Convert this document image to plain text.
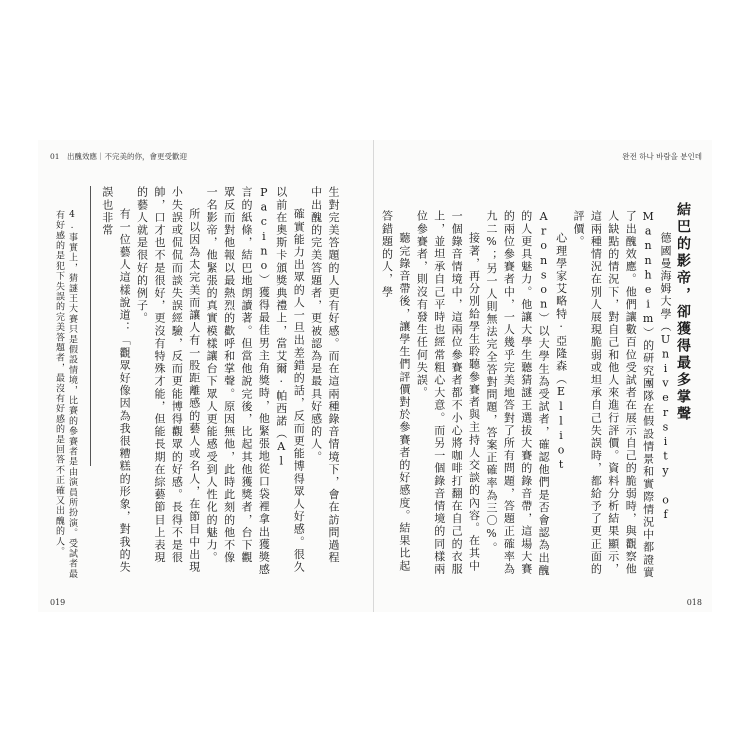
01　出醜效應｜不完美的你，會更受歡迎	완전 하나 바람을 분인데
結巴的影帝，卻獲得最多掌聲

德國曼海姆大學（University of Mannheim）的研究團隊在假設情景和實際情況中都證實了出醜效應。他們讓數百位受試者在展示自己的脆弱時，與觀察他人缺點的情況下，對自己和他人來進行評價。資料分析結果顯示，這兩種情況在別人展現脆弱或坦承自己失誤時，都給予了更正面的評價。

心理學家艾略特·亞隆森（Elliot Aronson）以大學生為受試者，確認他們是否會認為出醜的人更具魅力。他讓大學生聽猜謎王選拔大賽的錄音帶，這場大賽的兩位參賽者中，一人幾乎完美地答對了所有問題，答題正確率為九二%；另一人則無法完全答對問題，答案正確率為三〇%。

接著，再分別給學生聆聽參賽者與主持人交談的內容。在其中一個錄音情境中，這兩位參賽者都不小心將咖啡打翻在自己的衣服上，並坦承自己平時也經常粗心大意。而另一個錄音情境的同樣兩位參賽者，則沒有發生任何失誤。

聽完錄音帶後，讓學生們評價對於參賽者的好感度。結果比起答錯題的人，學

生對完美答題的人更有好感。而在這兩種錄音情境下，會在訪問過程中出醜的完美答題者，更被認為是最具好感的人。

確實能力出眾的人一旦出差錯的話，反而更能博得眾人好感。很久以前在奧斯卡頒獎典禮上，當艾爾·帕西諾（Al Pacino）獲得最佳男主角獎時，他緊張地從口袋裡拿出獲獎感言的紙條，結巴地朗讀著。但當他說完後，比起其他獲獎者，台下觀眾反而對他報以最熱烈的歡呼和掌聲。原因無他，此時此刻的他不像一名影帝，他緊張的真實模樣讓台下眾人更能感受到人性化的魅力。

所以因為太完美而讓人有一股距離感的藝人或名人，在節目中出現小失誤或侃侃而談失誤經驗，反而更能博得觀眾的好感。長得不是很帥，口才也不是很好，更沒有特殊才能，但能長期在綜藝節目上表現的藝人就是很好的例子。

有一位藝人這樣說道：「觀眾好像因為我很糟糕的形象，對我的失誤也非常

4.事實上，猜謎王大賽只是假設情境，比賽的參賽者是由演員所扮演。受試者最有好感的是犯下失誤的完美答題者，最沒有好感的是回答不正確又出醜的人。
019	018
